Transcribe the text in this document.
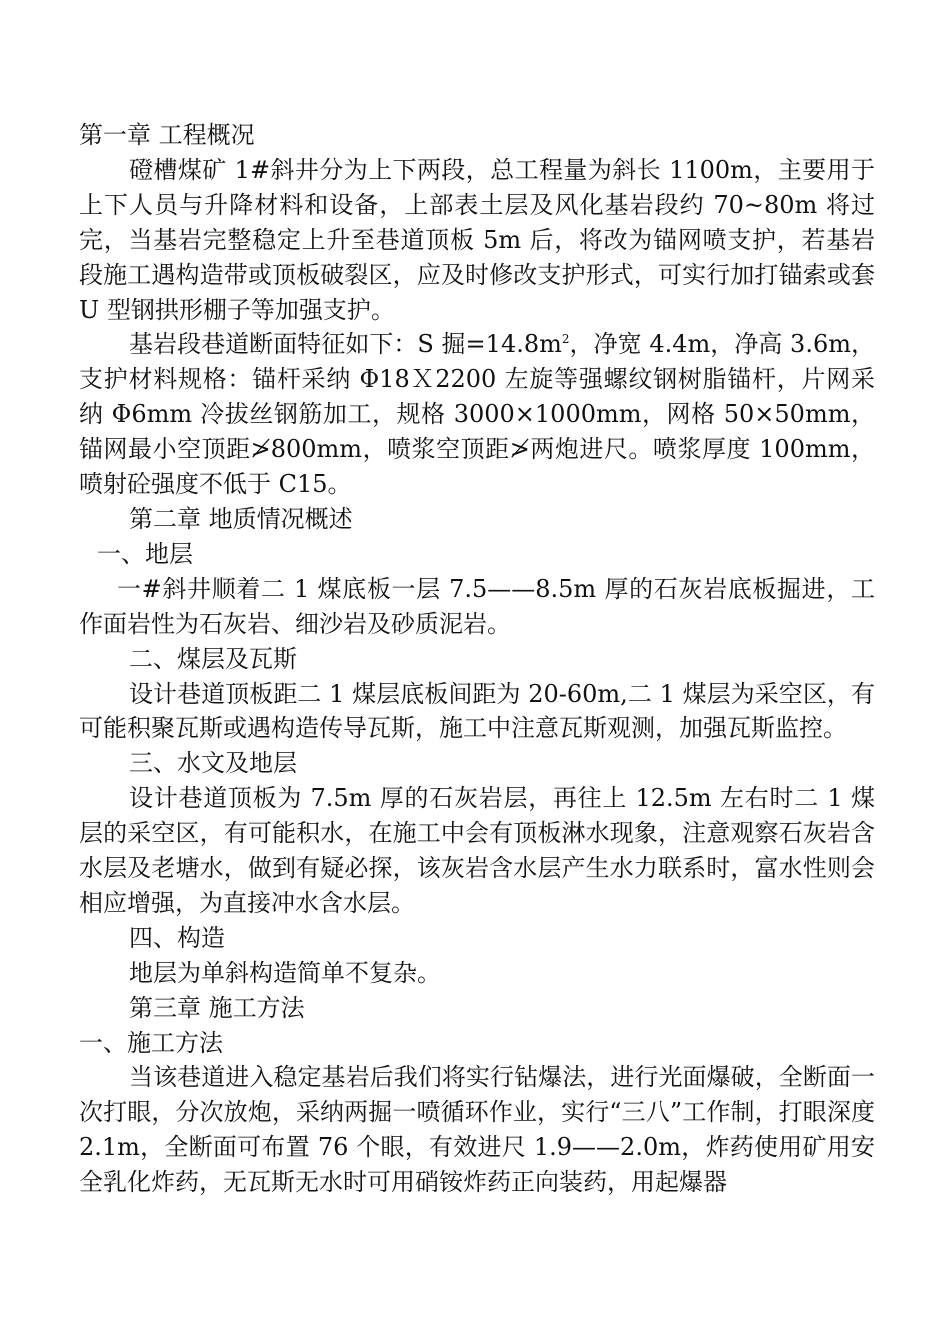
第一章 工程概况

磴槽煤矿 1#斜井分为上下两段，总工程量为斜长 1100m，主要用于上下人员与升降材料和设备，上部表土层及风化基岩段约 70~80m 将过完，当基岩完整稳定上升至巷道顶板 5m 后，将改为锚网喷支护，若基岩段施工遇构造带或顶板破裂区，应及时修改支护形式，可实行加打锚索或套 U 型钢拱形棚子等加强支护。

基岩段巷道断面特征如下：S 掘$=14.8m^2$，净宽 4.4m，净高 3.6m，支护材料规格：锚杆采纳 Φ18Ｘ2200 左旋等强螺纹钢树脂锚杆，片网采纳 Φ6mm 冷拔丝钢筋加工，规格 3000×1000mm，网格 50×50mm，锚网最小空顶距≯800mm，喷浆空顶距≯两炮进尺。喷浆厚度 100mm，喷射砼强度不低于 C15。

第二章 地质情况概述

一、地层

一#斜井顺着二 1 煤底板一层 7.5——8.5m 厚的石灰岩底板掘进，工作面岩性为石灰岩、细沙岩及砂质泥岩。

二、煤层及瓦斯

设计巷道顶板距二 1 煤层底板间距为 20-60m,二 1 煤层为采空区，有可能积聚瓦斯或遇构造传导瓦斯，施工中注意瓦斯观测，加强瓦斯监控。

三、水文及地层

设计巷道顶板为 7.5m 厚的石灰岩层，再往上 12.5m 左右时二 1 煤层的采空区，有可能积水，在施工中会有顶板淋水现象，注意观察石灰岩含水层及老塘水，做到有疑必探，该灰岩含水层产生水力联系时，富水性则会相应增强，为直接冲水含水层。

四、构造

地层为单斜构造简单不复杂。

第三章 施工方法

一、施工方法

当该巷道进入稳定基岩后我们将实行钻爆法，进行光面爆破，全断面一次打眼，分次放炮，采纳两掘一喷循环作业，实行“三八”工作制，打眼深度 2.1m，全断面可布置 76 个眼，有效进尺 1.9——2.0m，炸药使用矿用安全乳化炸药，无瓦斯无水时可用硝铵炸药正向装药，用起爆器
